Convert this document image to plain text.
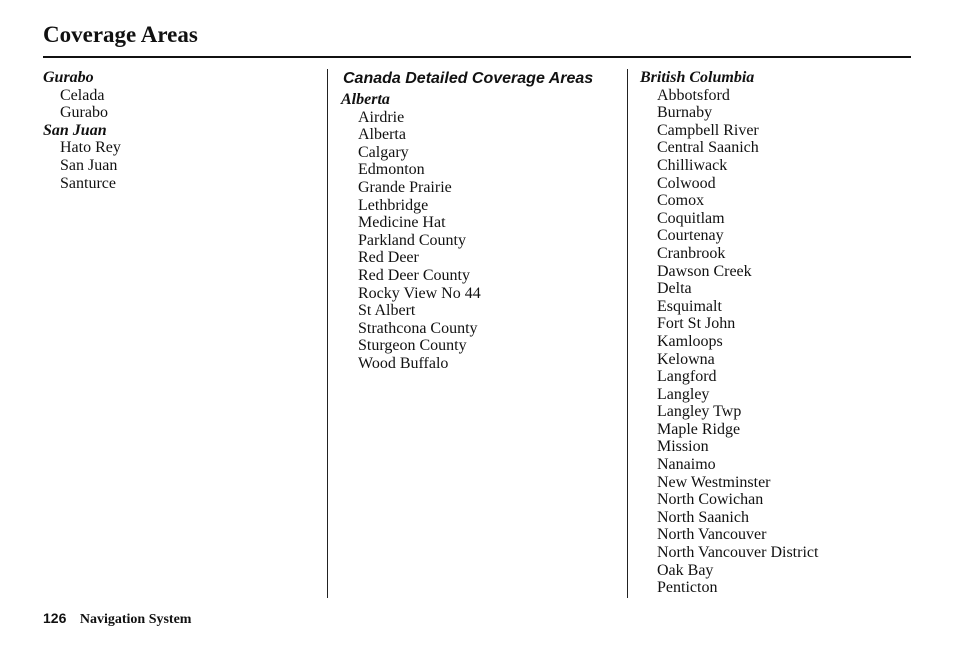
Coverage Areas
Gurabo
Celada
Gurabo
San Juan
Hato Rey
San Juan
Santurce
Canada Detailed Coverage Areas
Alberta
Airdrie
Alberta
Calgary
Edmonton
Grande Prairie
Lethbridge
Medicine Hat
Parkland County
Red Deer
Red Deer County
Rocky View No 44
St Albert
Strathcona County
Sturgeon County
Wood Buffalo
British Columbia
Abbotsford
Burnaby
Campbell River
Central Saanich
Chilliwack
Colwood
Comox
Coquitlam
Courtenay
Cranbrook
Dawson Creek
Delta
Esquimalt
Fort St John
Kamloops
Kelowna
Langford
Langley
Langley Twp
Maple Ridge
Mission
Nanaimo
New Westminster
North Cowichan
North Saanich
North Vancouver
North Vancouver District
Oak Bay
Penticton
126 Navigation System
